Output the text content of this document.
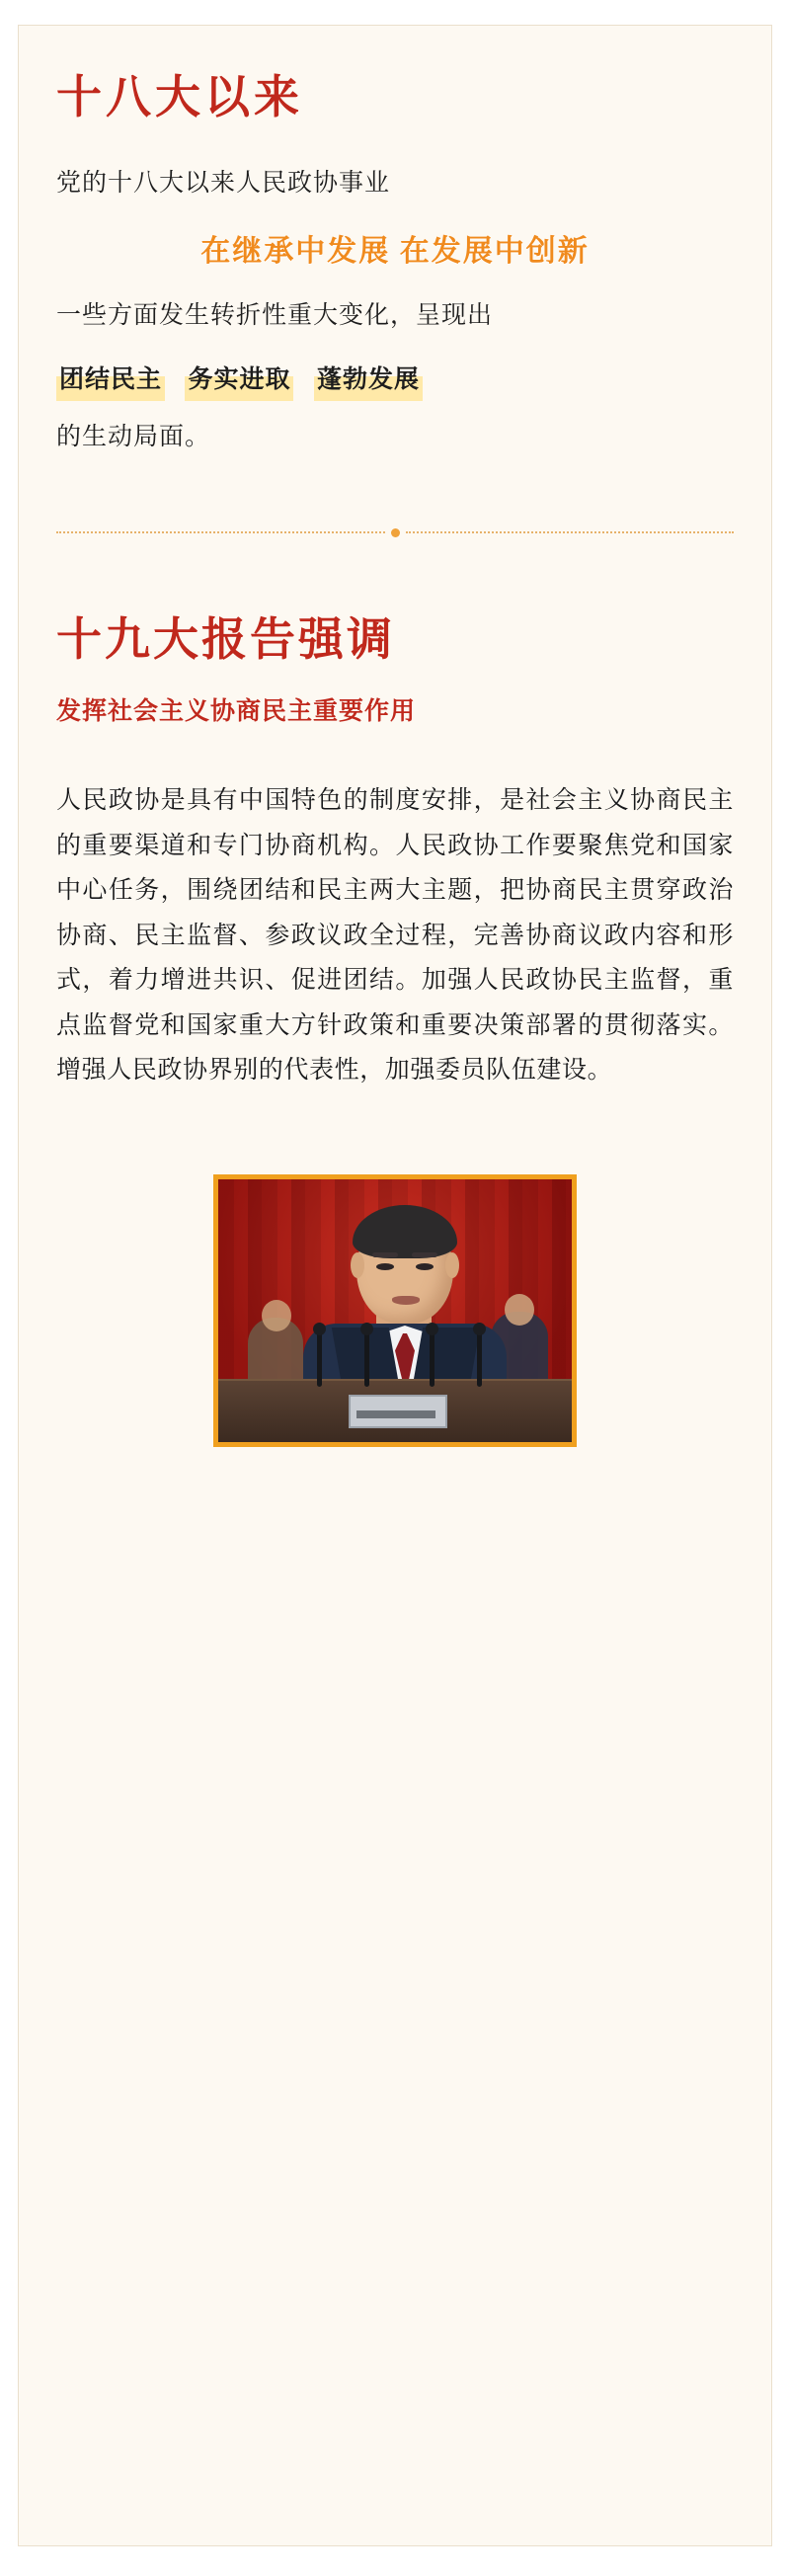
十八大以来

党的十八大以来人民政协事业

在继承中发展 在发展中创新

一些方面发生转折性重大变化，呈现出

团结民主 务实进取 蓬勃发展

的生动局面。

十九大报告强调
发挥社会主义协商民主重要作用

人民政协是具有中国特色的制度安排，是社会主义协商民主的重要渠道和专门协商机构。人民政协工作要聚焦党和国家中心任务，围绕团结和民主两大主题，把协商民主贯穿政治协商、民主监督、参政议政全过程，完善协商议政内容和形式，着力增进共识、促进团结。加强人民政协民主监督，重点监督党和国家重大方针政策和重要决策部署的贯彻落实。增强人民政协界别的代表性，加强委员队伍建设。
